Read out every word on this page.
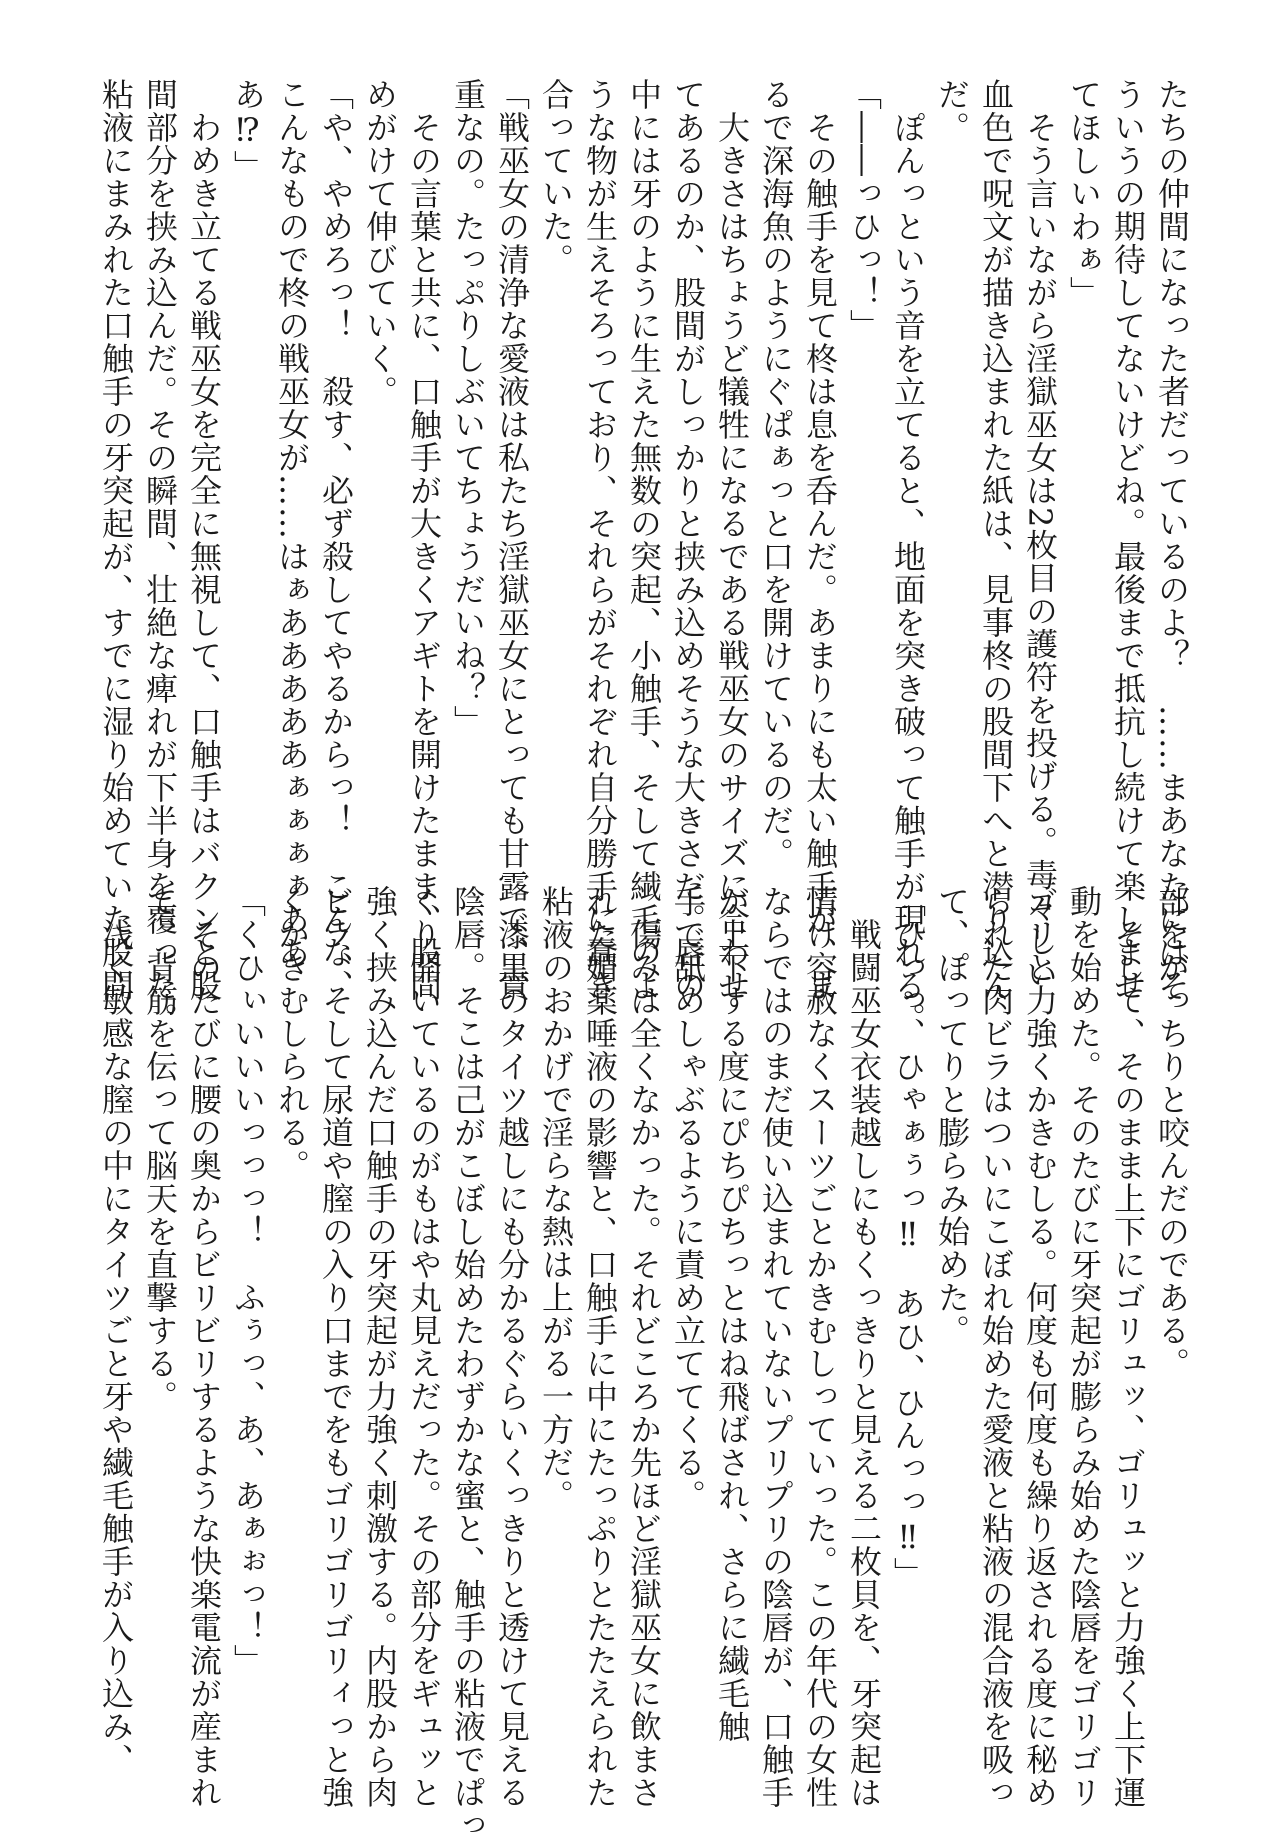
たちの仲間になった者だっているのよ？　……まあなたにはそ
ういうの期待してないけどね。最後まで抵抗し続けて楽しませ
てほしいわぁ」
　そう言いながら淫獄巫女は2枚目の護符を投げる。毒々しい
血色で呪文が描き込まれた紙は、見事柊の股間下へと潜り込ん
だ。
　ぽんっという音を立てると、地面を突き破って触手が現れる。
「――っひっ！」
　その触手を見て柊は息を呑んだ。あまりにも太い触手が、ま
るで深海魚のようにぐぱぁっと口を開けているのだ。
　大きさはちょうど犠牲になるである戦巫女のサイズに合わせ
てあるのか、股間がしっかりと挟み込めそうな大きさだ。唇の
中には牙のように生えた無数の突起、小触手、そして繊毛のよ
うな物が生えそろっており、それらがそれぞれ自分勝手に蠢き
合っていた。
「戦巫女の清浄な愛液は私たち淫獄巫女にとっても甘露で、貴
重なの。たっぷりしぶいてちょうだいね？」
　その言葉と共に、口触手が大きくアギトを開けたまま、股間
めがけて伸びていく。
「や、やめろっ！　殺す、必ず殺してやるからっ！　こんな、
こんなもので柊の戦巫女が……はぁあああああぁぁぁぁああ
あ⁉」
　わめき立てる戦巫女を完全に無視して、口触手はバクンと股
間部分を挟み込んだ。その瞬間、壮絶な痺れが下半身を覆った。
粘液にまみれた口触手の牙突起が、すでに湿り始めていた股間
部をがっちりと咬んだのである。
　そして、そのまま上下にゴリュッ、ゴリュッと力強く上下運
動を始めた。そのたびに牙突起が膨らみ始めた陰唇をゴリゴリ
ゴリと力強くかきむしる。何度も何度も繰り返される度に秘め
られた肉ビラはついにこぼれ始めた愛液と粘液の混合液を吸っ
て、ぽってりと膨らみ始めた。
「ひっっ、ひゃぁぅっ‼　あひ、ひんっっ‼」
　戦闘巫女衣装越しにもくっきりと見える二枚貝を、牙突起は
情け容赦なくスーツごとかきむしっていった。この年代の女性
ならではのまだ使い込まれていないプリプリの陰唇が、口触手
が上下する度にぴちぴちっとはね飛ばされ、さらに繊毛触
手で舐めしゃぶるように責め立ててくる。
　傷みは全くなかった。それどころか先ほど淫獄巫女に飲まさ
れた媚薬唾液の影響と、口触手に中にたっぷりとたたえられた
粘液のおかげで淫らな熱は上がる一方だ。
　漆黒のタイツ越しにも分かるぐらいくっきりと透けて見える
陰唇。そこは己がこぼし始めたわずかな蜜と、触手の粘液でぱっ
くり開いているのがもはや丸見えだった。その部分をギュッと
強く挟み込んだ口触手の牙突起が力強く刺激する。内股から肉
ビラ、そして尿道や膣の入り口までをもゴリゴリゴリィっと強
くかきむしられる。
「くひぃいいいっっっ！　ふぅっ、あ、あぁぉっ！」
　そのたびに腰の奥からビリビリするような快楽電流が産まれ
て、背筋を伝って脳天を直撃する。
　浅く敏感な膣の中にタイツごと牙や繊毛触手が入り込み、
